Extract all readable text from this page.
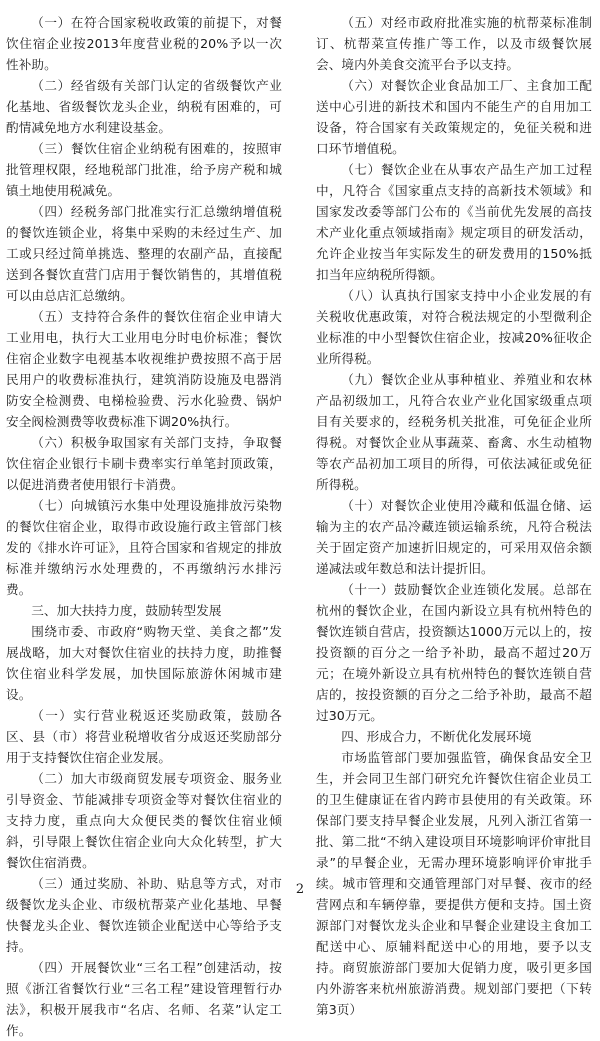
（一）在符合国家税收政策的前提下，对餐饮住宿企业按2013年度营业税的20%予以一次性补助。

（二）经省级有关部门认定的省级餐饮产业化基地、省级餐饮龙头企业，纳税有困难的，可酌情减免地方水利建设基金。

（三）餐饮住宿企业纳税有困难的，按照审批管理权限，经地税部门批准，给予房产税和城镇土地使用税减免。

（四）经税务部门批准实行汇总缴纳增值税的餐饮连锁企业，将集中采购的未经过生产、加工或只经过简单挑选、整理的农副产品，直接配送到各餐饮直营门店用于餐饮销售的，其增值税可以由总店汇总缴纳。

（五）支持符合条件的餐饮住宿企业申请大工业用电，执行大工业用电分时电价标准；餐饮住宿企业数字电视基本收视维护费按照不高于居民用户的收费标准执行，建筑消防设施及电器消防安全检测费、电梯检验费、污水化验费、锅炉安全阀检测费等收费标准下调20%执行。

（六）积极争取国家有关部门支持，争取餐饮住宿企业银行卡刷卡费率实行单笔封顶政策，以促进消费者使用银行卡消费。

（七）向城镇污水集中处理设施排放污染物的餐饮住宿企业，取得市政设施行政主管部门核发的《排水许可证》，且符合国家和省规定的排放标准并缴纳污水处理费的，不再缴纳污水排污费。

三、加大扶持力度，鼓励转型发展

围绕市委、市政府“购物天堂、美食之都”发展战略，加大对餐饮住宿业的扶持力度，助推餐饮住宿业科学发展，加快国际旅游休闲城市建设。

（一）实行营业税返还奖励政策，鼓励各区、县（市）将营业税增收省分成返还奖励部分用于支持餐饮住宿企业发展。

（二）加大市级商贸发展专项资金、服务业引导资金、节能减排专项资金等对餐饮住宿业的支持力度，重点向大众便民类的餐饮住宿业倾斜，引导限上餐饮住宿企业向大众化转型，扩大餐饮住宿消费。

（三）通过奖励、补助、贴息等方式，对市级餐饮龙头企业、市级杭帮菜产业化基地、早餐快餐龙头企业、餐饮连锁企业配送中心等给予支持。

（四）开展餐饮业“三名工程”创建活动，按照《浙江省餐饮行业“三名工程”建设管理暂行办法》，积极开展我市“名店、名师、名菜”认定工作。

（五）对经市政府批准实施的杭帮菜标准制订、杭帮菜宣传推广等工作，以及市级餐饮展会、境内外美食交流平台予以支持。

（六）对餐饮企业食品加工厂、主食加工配送中心引进的新技术和国内不能生产的自用加工设备，符合国家有关政策规定的，免征关税和进口环节增值税。

（七）餐饮企业在从事农产品生产加工过程中，凡符合《国家重点支持的高新技术领域》和国家发改委等部门公布的《当前优先发展的高技术产业化重点领域指南》规定项目的研发活动，允许企业按当年实际发生的研发费用的150%抵扣当年应纳税所得额。

（八）认真执行国家支持中小企业发展的有关税收优惠政策，对符合税法规定的小型微利企业标准的中小型餐饮住宿企业，按减20%征收企业所得税。

（九）餐饮企业从事种植业、养殖业和农林产品初级加工，凡符合农业产业化国家级重点项目有关要求的，经税务机关批准，可免征企业所得税。对餐饮企业从事蔬菜、畜禽、水生动植物等农产品初加工项目的所得，可依法减征或免征所得税。

（十）对餐饮企业使用冷藏和低温仓储、运输为主的农产品冷藏连锁运输系统，凡符合税法关于固定资产加速折旧规定的，可采用双倍余额递减法或年数总和法计提折旧。

（十一）鼓励餐饮企业连锁化发展。总部在杭州的餐饮企业，在国内新设立具有杭州特色的餐饮连锁自营店，投资额达1000万元以上的，按投资额的百分之一给予补助，最高不超过20万元；在境外新设立具有杭州特色的餐饮连锁自营店的，按投资额的百分之二给予补助，最高不超过30万元。

四、形成合力，不断优化发展环境

市场监管部门要加强监管，确保食品安全卫生，并会同卫生部门研究允许餐饮住宿企业员工的卫生健康证在省内跨市县使用的有关政策。环保部门要支持早餐企业发展，凡列入浙江省第一批、第二批“不纳入建设项目环境影响评价审批目录”的早餐企业，无需办理环境影响评价审批手续。城市管理和交通管理部门对早餐、夜市的经营网点和车辆停靠，要提供方便和支持。国土资源部门对餐饮龙头企业和早餐企业建设主食加工配送中心、原辅料配送中心的用地，要予以支持。商贸旅游部门要加大促销力度，吸引更多国内外游客来杭州旅游消费。规划部门要把（下转第3页）

2
